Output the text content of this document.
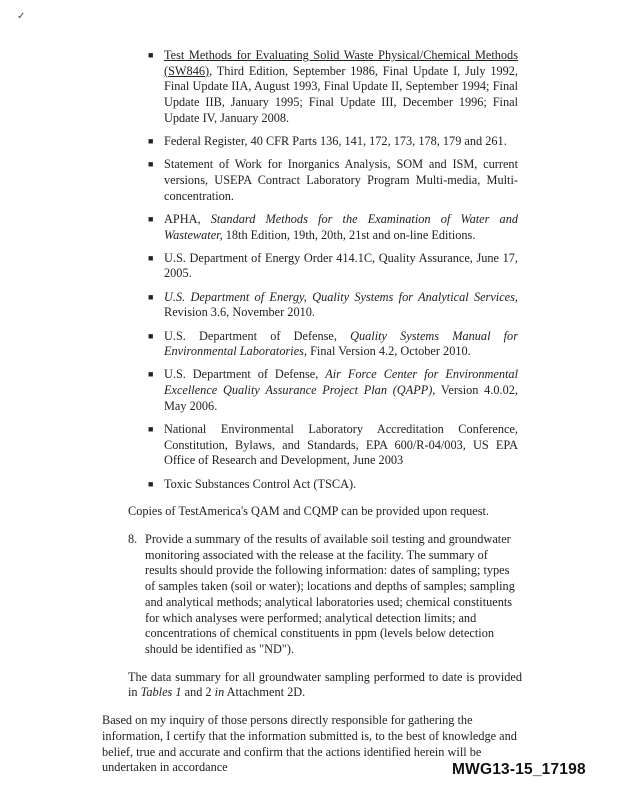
✓
■ Test Methods for Evaluating Solid Waste Physical/Chemical Methods (SW846), Third Edition, September 1986, Final Update I, July 1992, Final Update IIA, August 1993, Final Update II, September 1994; Final Update IIB, January 1995; Final Update III, December 1996; Final Update IV, January 2008.
■ Federal Register, 40 CFR Parts 136, 141, 172, 173, 178, 179 and 261.
■ Statement of Work for Inorganics Analysis, SOM and ISM, current versions, USEPA Contract Laboratory Program Multi-media, Multi-concentration.
■ APHA, Standard Methods for the Examination of Water and Wastewater, 18th Edition, 19th, 20th, 21st and on-line Editions.
■ U.S. Department of Energy Order 414.1C, Quality Assurance, June 17, 2005.
■ U.S. Department of Energy, Quality Systems for Analytical Services, Revision 3.6, November 2010.
■ U.S. Department of Defense, Quality Systems Manual for Environmental Laboratories, Final Version 4.2, October 2010.
■ U.S. Department of Defense, Air Force Center for Environmental Excellence Quality Assurance Project Plan (QAPP), Version 4.0.02, May 2006.
■ National Environmental Laboratory Accreditation Conference, Constitution, Bylaws, and Standards, EPA 600/R-04/003, US EPA Office of Research and Development, June 2003
■ Toxic Substances Control Act (TSCA).
Copies of TestAmerica's QAM and CQMP can be provided upon request.
8. Provide a summary of the results of available soil testing and groundwater monitoring associated with the release at the facility. The summary of results should provide the following information: dates of sampling; types of samples taken (soil or water); locations and depths of samples; sampling and analytical methods; analytical laboratories used; chemical constituents for which analyses were performed; analytical detection limits; and concentrations of chemical constituents in ppm (levels below detection should be identified as "ND").
The data summary for all groundwater sampling performed to date is provided in Tables 1 and 2 in Attachment 2D.
Based on my inquiry of those persons directly responsible for gathering the information, I certify that the information submitted is, to the best of knowledge and belief, true and accurate and confirm that the actions identified herein will be undertaken in accordance	MWG13-15_17198
